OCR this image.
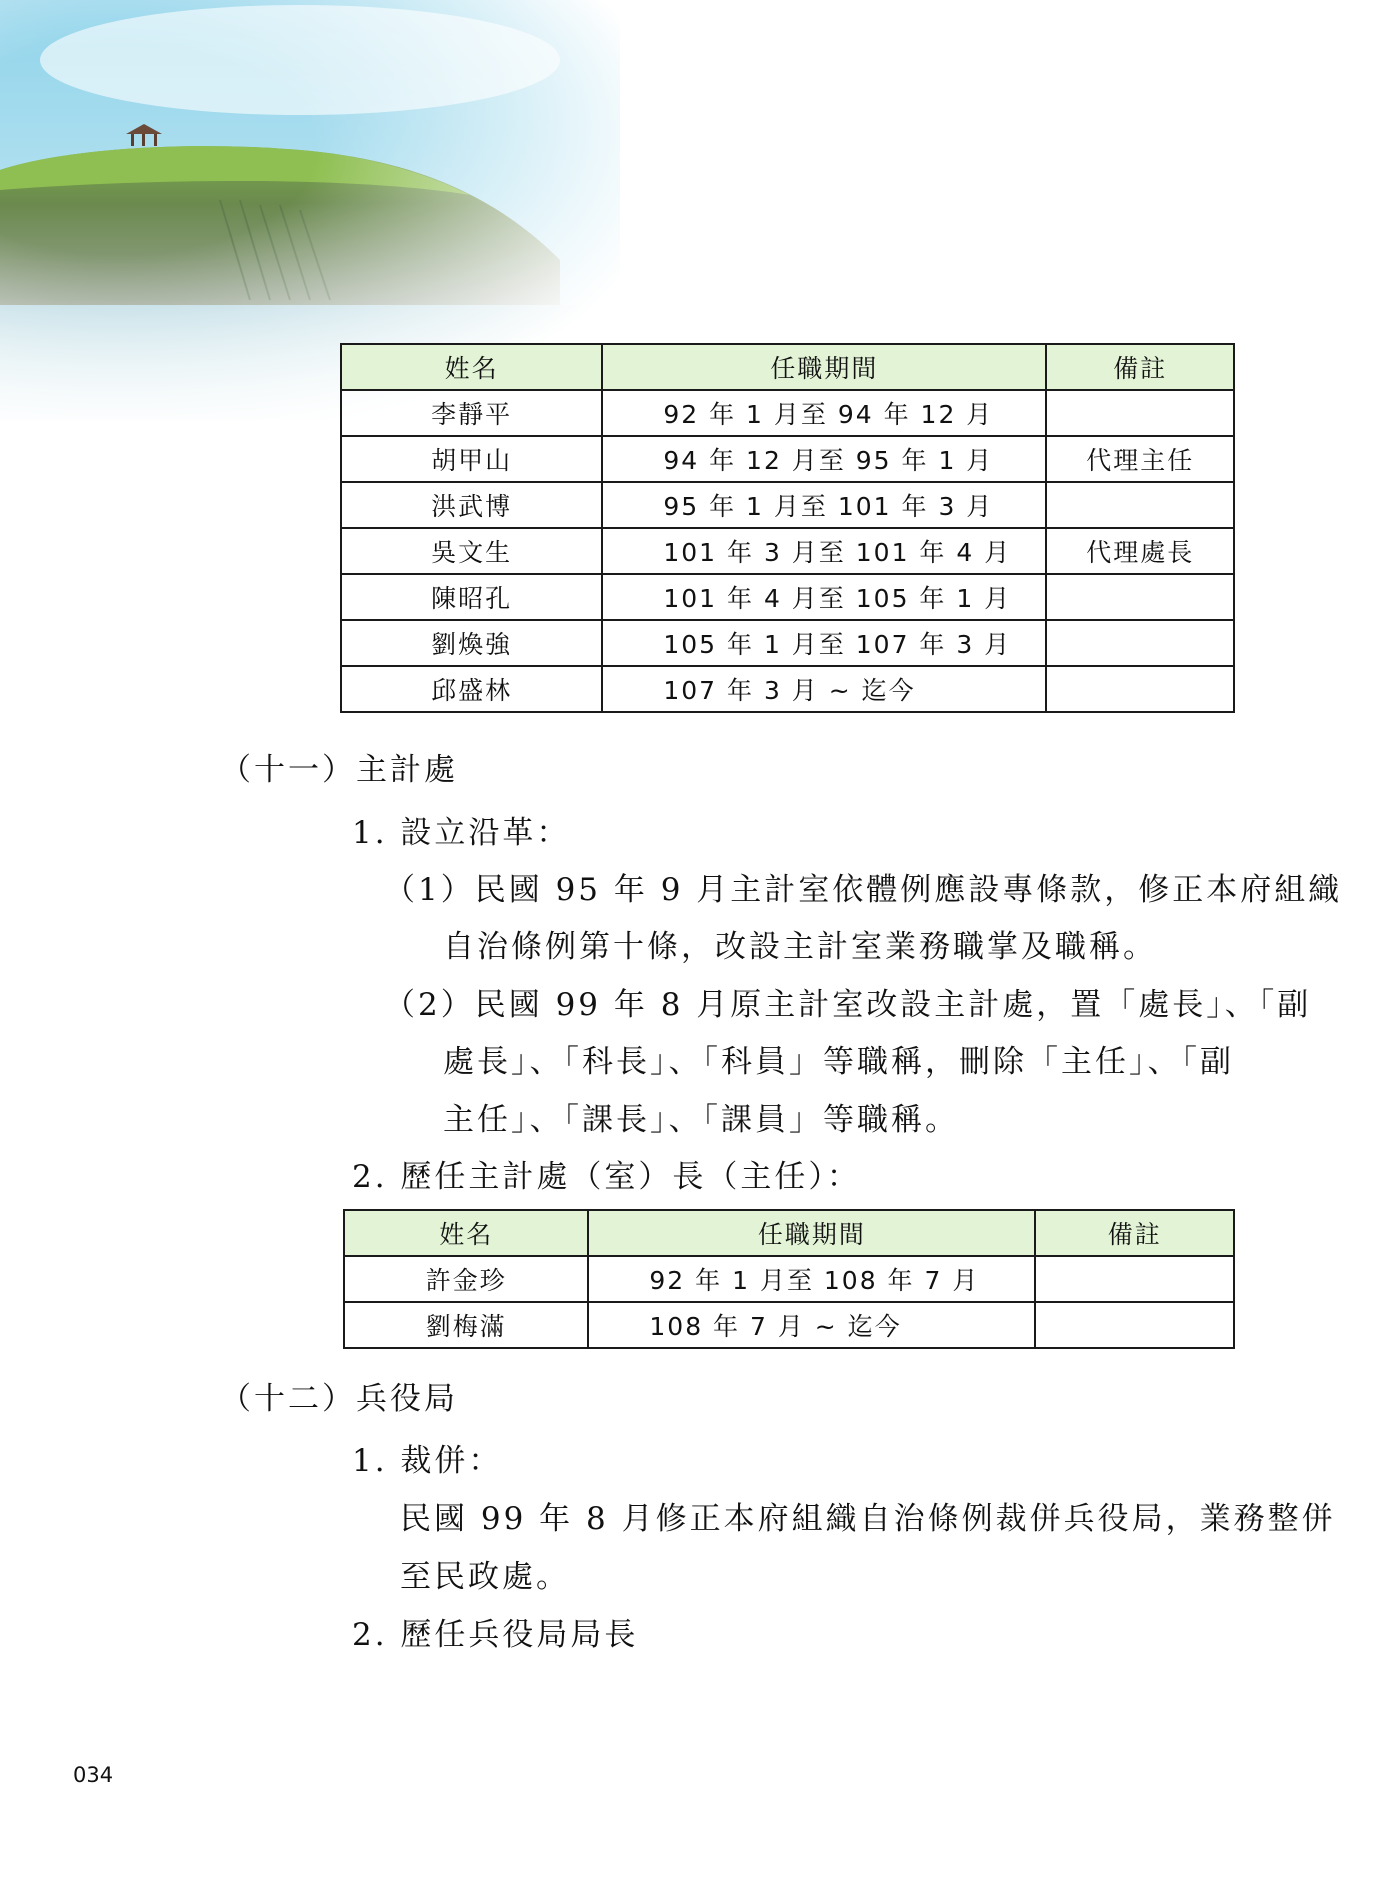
姓名	任職期間	備註
李靜平	92 年 1 月至 94 年 12 月	
胡甲山	94 年 12 月至 95 年 1 月	代理主任
洪武博	95 年 1 月至 101 年 3 月	
吳文生	101 年 3 月至 101 年 4 月	代理處長
陳昭孔	101 年 4 月至 105 年 1 月	
劉煥強	105 年 1 月至 107 年 3 月	
邱盛林	107 年 3 月 ~ 迄今	
（十一）主計處
1. 設立沿革：
（1）民國 95 年 9 月主計室依體例應設專條款，修正本府組織
自治條例第十條，改設主計室業務職掌及職稱。
（2）民國 99 年 8 月原主計室改設主計處，置「處長」、「副
處長」、「科長」、「科員」等職稱，刪除「主任」、「副
主任」、「課長」、「課員」等職稱。
2. 歷任主計處（室）長（主任）：
姓名	任職期間	備註
許金珍	92 年 1 月至 108 年 7 月	
劉梅滿	108 年 7 月 ~ 迄今	
（十二）兵役局
1. 裁併：
民國 99 年 8 月修正本府組織自治條例裁併兵役局，業務整併
至民政處。
2. 歷任兵役局局長
034
